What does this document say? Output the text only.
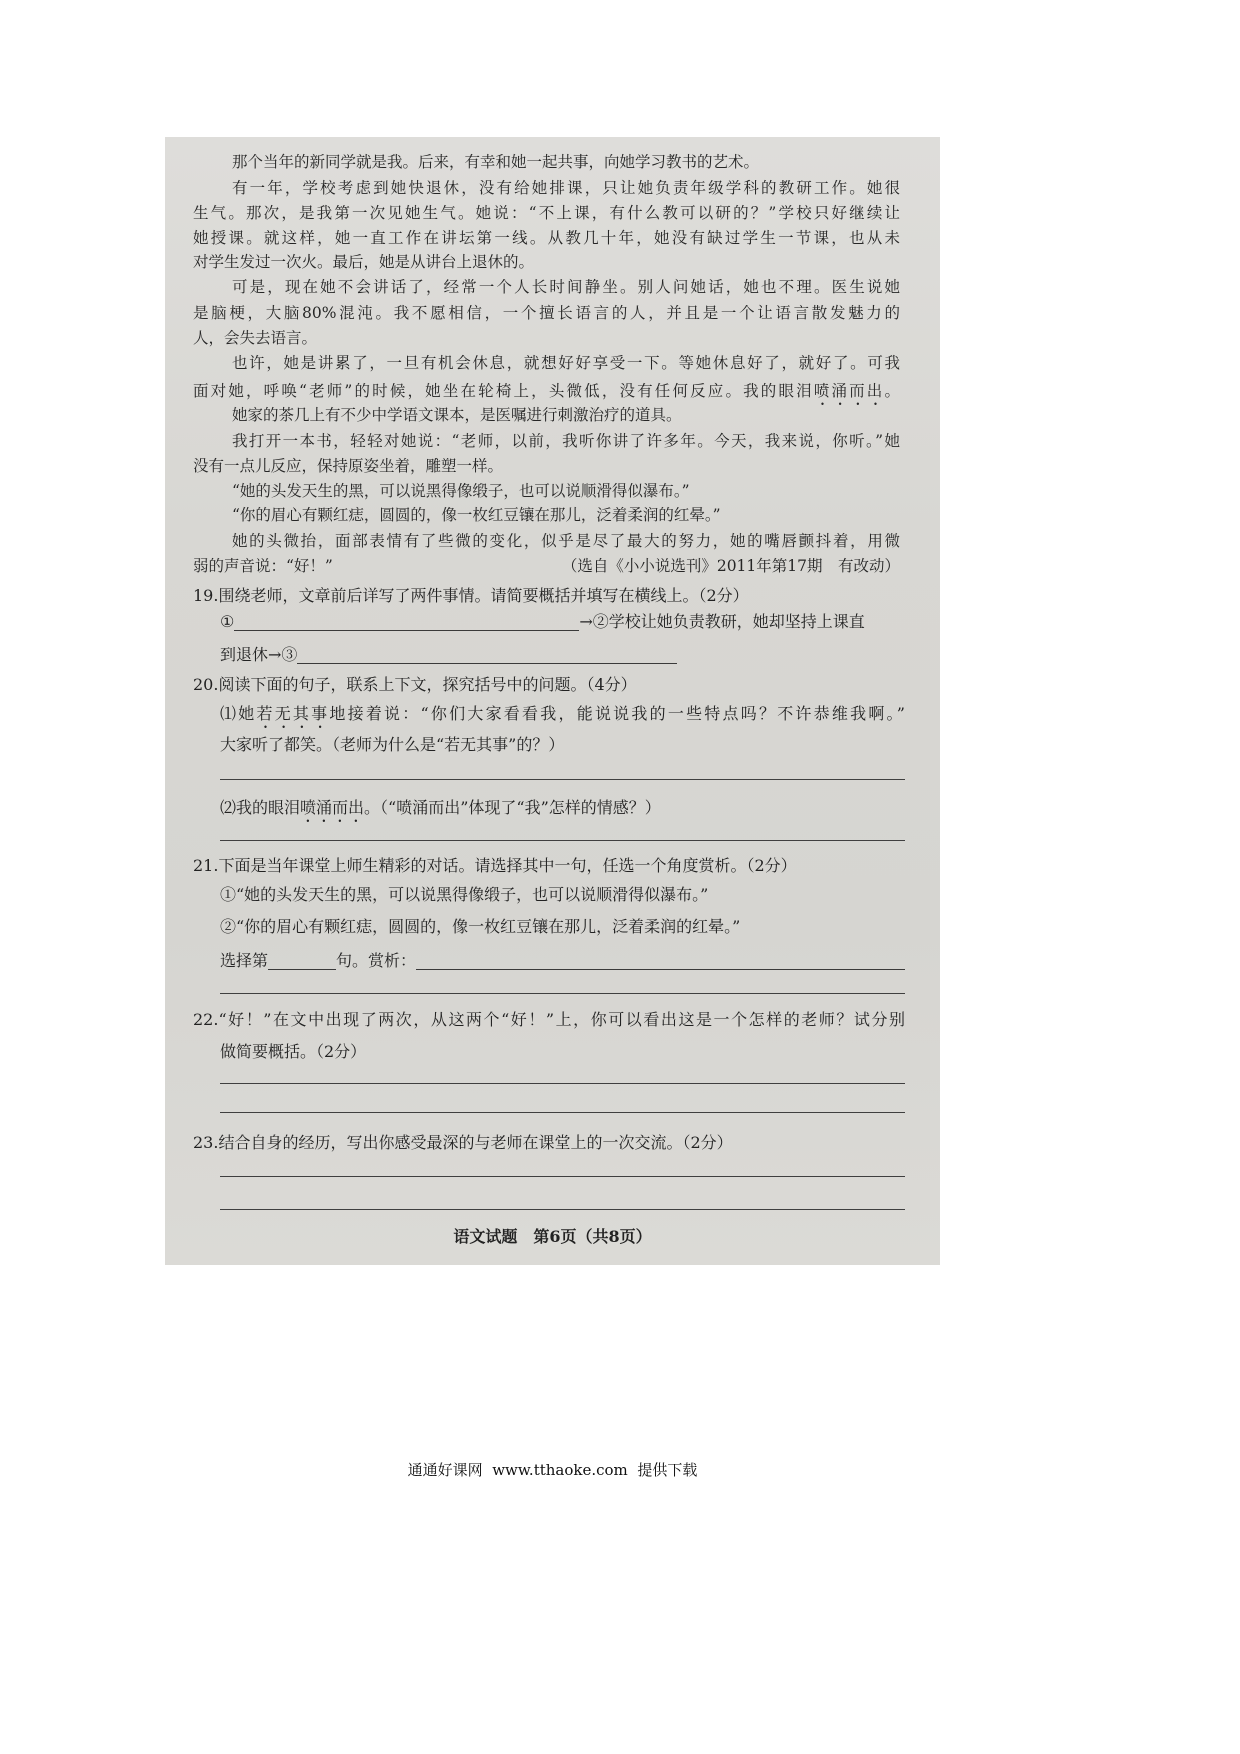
那个当年的新同学就是我。后来，有幸和她一起共事，向她学习教书的艺术。
有一年，学校考虑到她快退休，没有给她排课，只让她负责年级学科的教研工作。她很
生气。那次，是我第一次见她生气。她说：“不上课，有什么教可以研的？”学校只好继续让
她授课。就这样，她一直工作在讲坛第一线。从教几十年，她没有缺过学生一节课，也从未
对学生发过一次火。最后，她是从讲台上退休的。
可是，现在她不会讲话了，经常一个人长时间静坐。别人问她话，她也不理。医生说她
是脑梗，大脑80%混沌。我不愿相信，一个擅长语言的人，并且是一个让语言散发魅力的
人，会失去语言。
也许，她是讲累了，一旦有机会休息，就想好好享受一下。等她休息好了，就好了。可我
面对她，呼唤“老师”的时候，她坐在轮椅上，头微低，没有任何反应。我的眼泪喷涌而出。
她家的茶几上有不少中学语文课本，是医嘱进行刺激治疗的道具。
我打开一本书，轻轻对她说：“老师，以前，我听你讲了许多年。今天，我来说，你听。”她
没有一点儿反应，保持原姿坐着，雕塑一样。
“她的头发天生的黑，可以说黑得像缎子，也可以说顺滑得似瀑布。”
“你的眉心有颗红痣，圆圆的，像一枚红豆镶在那儿，泛着柔润的红晕。”
她的头微抬，面部表情有了些微的变化，似乎是尽了最大的努力，她的嘴唇颤抖着，用微
弱的声音说：“好！”	（选自《小小说选刊》2011年第17期　有改动）
19.围绕老师，文章前后详写了两件事情。请简要概括并填写在横线上。（2分）
①	→②学校让她负责教研，她却坚持上课直
到退休→③
20.阅读下面的句子，联系上下文，探究括号中的问题。（4分）
⑴她若无其事地接着说：“你们大家看看我，能说说我的一些特点吗？不许恭维我啊。”
大家听了都笑。（老师为什么是“若无其事”的？）
⑵我的眼泪喷涌而出。（“喷涌而出”体现了“我”怎样的情感？）
21.下面是当年课堂上师生精彩的对话。请选择其中一句，任选一个角度赏析。（2分）
①“她的头发天生的黑，可以说黑得像缎子，也可以说顺滑得似瀑布。”
②“你的眉心有颗红痣，圆圆的，像一枚红豆镶在那儿，泛着柔润的红晕。”
选择第	句。赏析：
22.“好！”在文中出现了两次，从这两个“好！”上，你可以看出这是一个怎样的老师？试分别
做简要概括。（2分）
23.结合自身的经历，写出你感受最深的与老师在课堂上的一次交流。（2分）
语文试题　第6页（共8页）
通通好课网  www.tthaoke.com  提供下载
